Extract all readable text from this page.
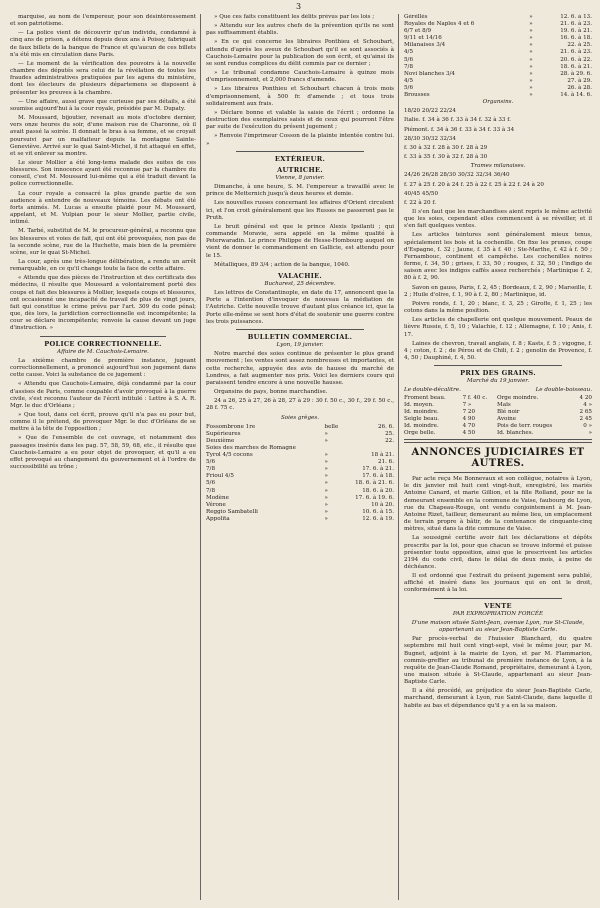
3

marquise, au nom de l'empereur, pour son désintéressement et son patriotisme.

— La police vient de découvrir qu'un individu, condamné à cinq ans de prison, a détenu depuis deux ans à Poissy, fabriquait de faux billets de la banque de France et qu'aucun de ces billets n'a été mis en circulation dans Paris.

— Le moment de la vérification des pouvoirs à la nouvelle chambre des députés sera celui de la révélation de toutes les fraudes administratives pratiquées par les agens du ministère, dont les électeurs de plusieurs départemens se disposent à présenter les preuves à la chambre.

— Une affaire, aussi grave que curieuse par ses détails, a été soumise aujourd'hui à la cour royale, présidée par M. Dupaty.

M. Moussard, bijoutier, revenait au mois d'octobre dernier, vers onze heures du soir, d'une maison rue de Charonne, où il avait passé la soirée. Il donnait le bras à sa femme, et se croyait poursuivi par un malfaiteur depuis la montagne Sainte-Geneviève. Arrivé sur le quai Saint-Michel, il fut attaqué en effet, et se vit enlever sa montre.

Le sieur Mollier a été long-tems malade des suites de ces blessures. Son innocence ayant été reconnue par la chambre du conseil, c'est M. Moussard lui-même qui a été traduit devant la police correctionnelle.

La cour royale a consacré la plus grande partie de son audience à entendre de nouveaux témoins. Les débats ont été forts animés. M. Lucas a ensuite plaidé pour M. Moussard, appelant, et M. Vulpian pour le sieur Mollier, partie civile, intimé.

M. Tarbé, substitut de M. le procureur-général, a reconnu que les blessures et voies de fait, qui ont été provoquées, non pas de la seconde scène, rue de la Huchette, mais bien de la première scène, sur le quai St-Michel.

La cour, après une très-longue délibération, a rendu un arrêt remarquable, en ce qu'il change toute la face de cette affaire.

« Attendu que des pièces de l'instruction et des certificats des médecins, il résulte que Moussard a volontairement porté des coups et fait des blessures à Mollier, lesquels coups et blessures, ont occasionné une incapacité de travail de plus de vingt jours, fait qui constitue le crime prévu par l'art. 309 du code pénal; que, dès lors, la juridiction correctionnelle est incompétente; la cour se déclare incompétente; renvoie la cause devant un juge d'instruction. »

POLICE CORRECTIONNELLE.
Affaire de M. Cauchois-Lemaire.

La sixième chambre de première instance, jugeant correctionnellement, a prononcé aujourd'hui son jugement dans cette cause. Voici la substance de ce jugement :

« Attendu que Cauchois-Lemaire, déjà condamné par la cour d'assises de Paris, comme coupable d'avoir provoqué à la guerre civile, s'est reconnu l'auteur de l'écrit intitulé : Lettre à S. A. R. Mgr. le duc d'Orléans ;

» Que tout, dans cet écrit, prouve qu'il n'a pas eu pour but, comme il le prétend, de provoquer Mgr. le duc d'Orléans de se mettre à la tête de l'opposition ;

» Que de l'ensemble de cet ouvrage, et notamment des passages insérés dans les pag. 57, 58, 59, 68, etc., il résulte que Cauchois-Lemaire a eu pour objet de provoquer, et qu'il a eu effet provoqué au changement du gouvernement et à l'ordre de successibilité au trône ;

» Que ces faits constituent les délits prévus par les lois ;

» Attendu sur les autres chefs de la prévention qu'ils ne sont pas suffisamment établis.

» En ce qui concerne les libraires Ponthieu et Schoubart, attendu d'après les aveux de Schoubart qu'il se sont associés à Cauchois-Lemaire pour la publication de son écrit, et qu'ainsi ils se sont rendus complices du délit commis par ce dernier ;

» Le tribunal condamne Cauchois-Lemaire à quinze mois d'emprisonnement, et 2,000 francs d'amende.

» Les libraires Ponthieu et Schoubart chacun à trois mois d'emprisonnement, à 500 fr. d'amende ; et tous trois solidairement aux frais.

» Déclare bonne et valable la saisie de l'écrit ; ordonne la destruction des exemplaires saisis et de ceux qui pourront l'être par suite de l'exécution du présent jugement ;

» Renvoie l'imprimeur Cosson de la plainte intentée contre lui. »

EXTÉRIEUR.
AUTRICHE.
Vienne, 8 janvier.

Dimanche, à une heure, S. M. l'empereur a travaillé avec le prince de Metternich jusqu'à deux heures et demie.

Les nouvelles russes concernant les affaires d'Orient circulent ici, et l'on croit généralement que les Russes ne passeront pas le Pruth.

Le bruit général est que le prince Alexis Ipsilanti ; qui commande Moravie, sera appelé en la même qualité à Peterwaradin. Le prince Philippe de Hesse-Hombourg auquel on vient de donner le commandement en Gallicie, est attendu pour le 15.

Métalliques, 89 3/4 ; action de la banque, 1040.

VALACHIE.
Bucharest, 25 décembre.

Les lettres de Constantinople, en date du 17, annoncent que la Porte a l'intention d'invoquer de nouveau la médiation de l'Autriche. Cette nouvelle trouve d'autant plus créance ici, que la Porte elle-même se sent hors d'état de soutenir une guerre contre les trois puissances.

BULLETIN COMMERCIAL.
Lyon, 19 janvier.

Notre marché des soies continue de présenter le plus grand mouvement ; les ventes sont assez nombreuses et importantes, et cette recherche, appuyée des avis de hausse du marché de Londres, a fait augmenter nos prix. Voici les derniers cours qui paraissent tendre encore à une nouvelle hausse.

Organsins de pays, bonne marchandise.

24 a 26, 25 à 27, 26 à 28, 27 à 29 : 30 f. 50 c., 30 f., 29 f. 50 c., 28 f. 75 c.

Soies grèges.
Fossombrone 1re	belle	26. 6.
Supérieures	»	25.
Deuxième	»	22.
Soies des marches de Romagne		
Tyrol 4/5 cocons	»	18 à 21.
5/6	»	21. 6.
7/8	»	17. 6. à 21.
Frioul 4/5	»	17. 6. à 18.
5/6	»	18. 6. à 21. 6.
7/8	»	18. 6. à 20.
Modène	»	17. 6. à 19. 6.
Vérone	»	10 à 20.
Reggio Sambatelli	»	10. 6. à 15.
Appolita	»	12. 6. à 19.
Géréllés	»	12. 6. à 13.
Royales de Naples 4 et 6	»	21. 6. à 23.
6/7 et 8/9	»	19. 6. à 21.
9/11 et 14/16	»	16. 6. à 18.
Milanaises 3/4	»	22. à 25.
4/5	»	21. 6. à 23.
5/6	»	20. 6. à 22.
7/8	»	18. 6. à 21.
Novi blanches 3/4	»	28. à 29. 6.
4/5	»	27. à 29.
5/6	»	26. à 28.
Brousses	»	14. à 14. 6.
Organsins.

18/20 20/22 22/24

Italie. f. 34 à 36 f. 33 à 34 f. 32 à 33 f.

Piémont. f. 34 à 36 f. 33 à 34 f. 33 à 34

28/30 30/32 32/34

f. 30 à 32 f. 28 à 30 f. 28 à 29

f. 33 à 35 f. 30 à 32 f. 28 à 30

Trames milanaises.

24/26 26/28 28/30 30/32 32/34 36/40

f. 27 à 25 f. 20 à 24 f. 25 à 22 f. 25 à 22 f. 24 à 20

40/45 45/50

f. 22 à 20 f.

Il s'en faut que les marchandises aient repris le même activité que les soies, cependant elles commencent à se réveiller, et il s'en fait quelques ventes.

Les articles teintures sont généralement mieux tenus, spécialement les bois et la cochenille. On fixe les prunes, coupe d'Espagne, f. 32 ; Jaune, f. 35 à f. 40 ; Ste-Marthe, f. 42 à f. 50 ; Fernambouc, continent et campêche. Les cochenilles noires ferme, f. 34, 50 ; grises, f. 33, 50 ; rouges, f. 32, 50 ; l'indigo de saison avec les indigos caffés assez recherchés ; Martinique f. 2, 80 à f. 2, 90.

Savon en gauss, Paris, f. 2, 45 ; Bordeaux, f. 2, 90 ; Marseille, f. 2 ; Huile d'olive, f. 1, 90 à f. 2, 80 ; Martinique, id.

Poivre ronds, f. 1, 20 ; blanc, f. 3, 25 ; Girofle, f. 1, 25 ; les cotons dans la même position.

Les articles de chapellerie ont quelque mouvement. Peaux de lièvre Russie, f. 5, 10 ; Valachie, f. 12 ; Allemagne, f. 10 ; Anis, f. 17.

Laines de chevron, travail anglais, f. 8 ; Kasts, f. 5 ; vigogne, f. 4 ; coton, f. 2 ; de Pérou et de Chili, f. 2 ; genolin de Provence, f. 4, 50 ; Dauphiné, f. 4, 50.

PRIX DES GRAINS.
Marché du 19 janvier.
Le double-décalitre.	Le double-boisseau.
Froment beau.	7 f. 40 c.	Orge moindre.	4 20
Id. moyen.	7 »	Maïs	4 »
Id. moindre.	7 20	Blé noir	2 65
Seigle beau.	4 90	Avoine	2 45
Id. moindre.	4 70	Pois de terr. rouges	0 »
Orge belle.	4 50	Id. blanches.	»
ANNONCES JUDICIAIRES ET AUTRES.

Par acte reçu Me Bonnevaux et son collègue, notaires à Lyon, le dix janvier mil huit cent vingt-huit, enregistré, les mariés Antoine Canard, et marie Gillion, et la fille Rolland, pour ne la demeurant ensemble en la commune de Vaise, faubourg de Lyon, rue du Chapeau-Rouge, ont vendu conjointement à M. Jean-Antoine Rizet, tailleur, demeurant au même lieu, un emplacement de terrain propre à bâtir, de la contenance de cinquante-cinq mètres, situé dans la dite commune de Vaise.

La soussigné certifie avoir fait les déclarations et dépôts prescrits par la loi, pour que chacun se trouve informé et puisse présenter toute opposition, ainsi que le prescrivent les articles 2194 du code civil, dans le délai de deux mois, à peine de déchéance.

Il est ordonné que l'extrait du présent jugement sera publié, affiché et inséré dans les journaux qui en ont le droit, conformément à la loi.

VENTE
PAR EXPROPRIATION FORCÉE
D'une maison située Saint-Jean, avenue Lyon, rue St-Claude, appartenant au sieur Jean-Baptiste Carle.

Par procès-verbal de l'huissier Blanchard, du quatre septembre mil huit cent vingt-sept, visé le même jour, par M. Bugnet, adjoint à la mairie de Lyon, et par M. Flammarion, commis-greffier au tribunal de première instance de Lyon, à la requête de Jean-Claude Romand, propriétaire, demeurant à Lyon, une maison située à St-Claude, appartenant au sieur Jean-Baptiste Carle.

Il a été procédé, au préjudice du sieur Jean-Baptiste Carle, marchand, demeurant à Lyon, rue Saint-Claude, dans laquelle il habite au bas et dépendance qu'il y a en la sa maison.
